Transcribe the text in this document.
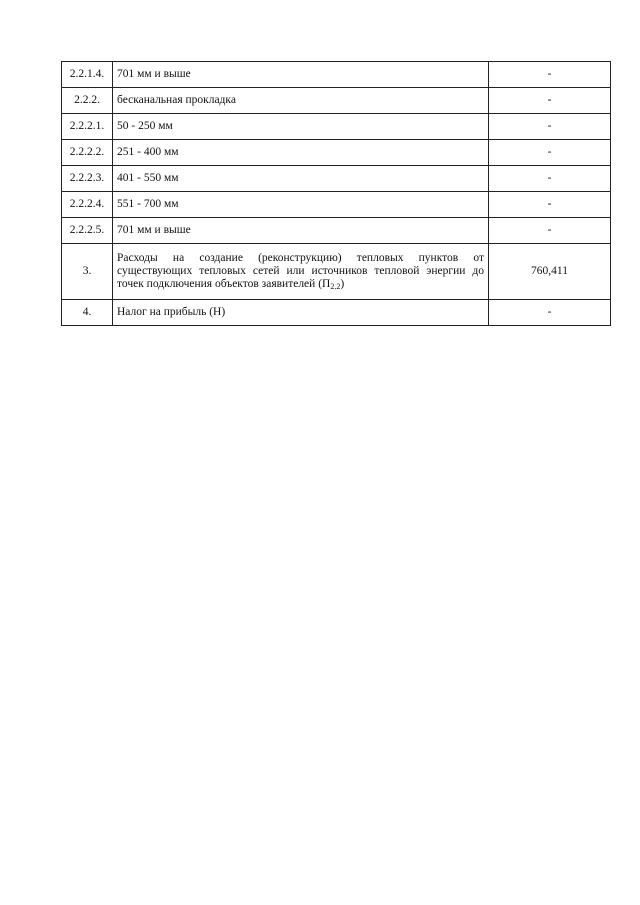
2.2.1.4.	701 мм и выше	-
2.2.2.	бесканальная прокладка	-
2.2.2.1.	50 - 250 мм	-
2.2.2.2.	251 - 400 мм	-
2.2.2.3.	401 - 550 мм	-
2.2.2.4.	551 - 700 мм	-
2.2.2.5.	701 мм и выше	-
3.	Расходы на создание (реконструкцию) тепловых пунктов от существующих тепловых сетей или источников тепловой энергии до точек подключения объектов заявителей $(П_{2.2})$	760,411
4.	Налог на прибыль (Н)	-
